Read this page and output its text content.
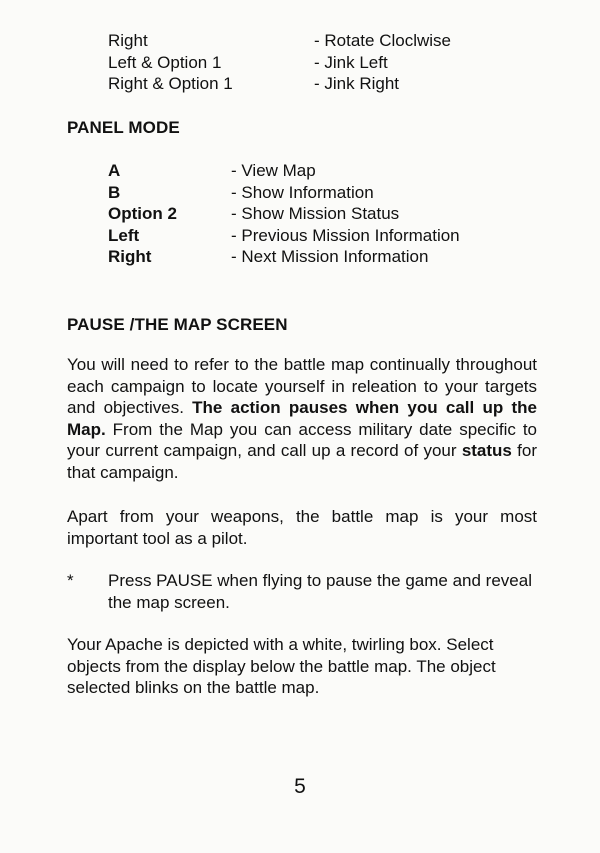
Right	- Rotate Cloclwise
Left & Option 1	- Jink Left
Right & Option 1	- Jink Right
PANEL MODE
A	- View Map
B	- Show Information
Option 2	- Show Mission Status
Left	- Previous Mission Information
Right	- Next Mission Information
PAUSE /THE MAP SCREEN

You will need to refer to the battle map continually throughout each campaign to locate yourself in releation to your targets and objectives. The action pauses when you call up the Map. From the Map you can access military date specific to your current campaign, and call up a record of your status for that campaign.

Apart from your weapons, the battle map is your most important tool as a pilot.

*	Press PAUSE when flying to pause the game and reveal the map screen.

Your Apache is depicted with a white, twirling box. Select objects from the display below the battle map. The object selected blinks on the battle map.

5
